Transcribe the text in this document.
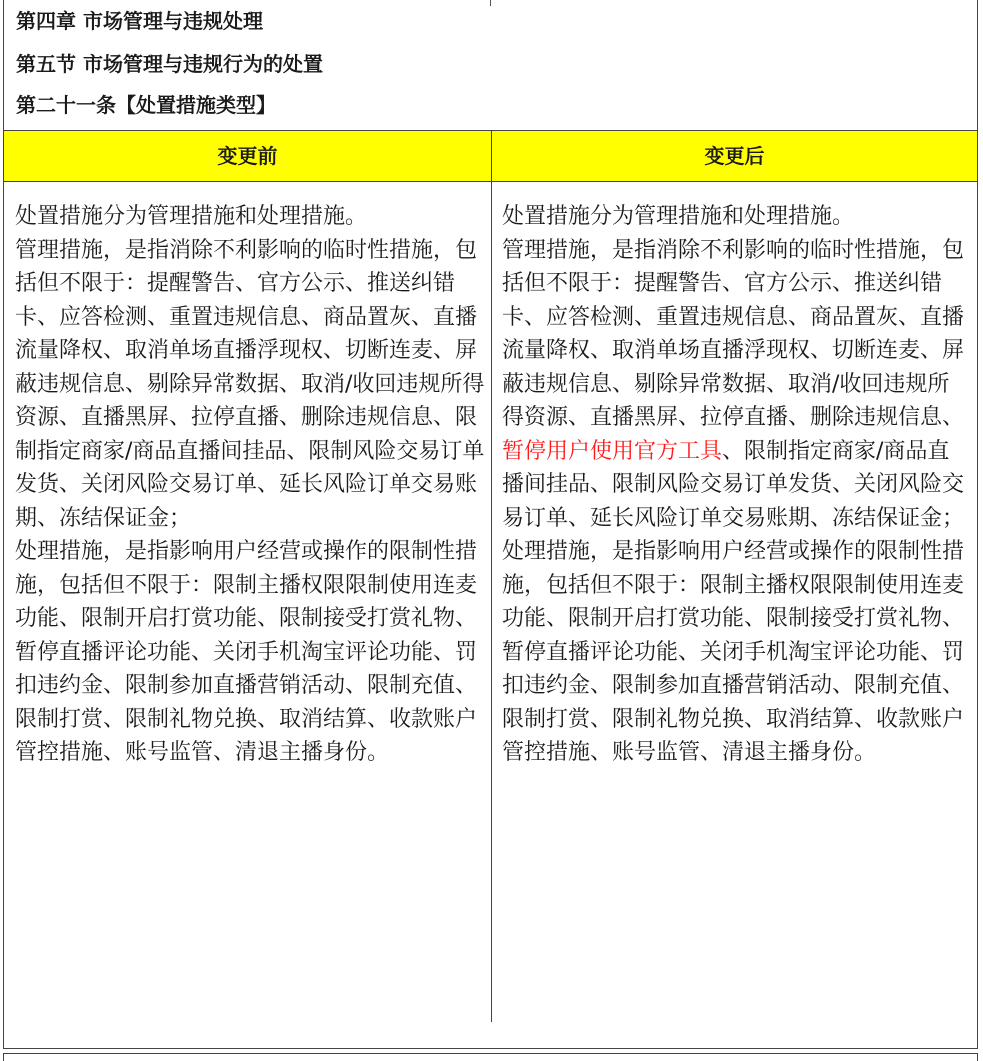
第四章 市场管理与违规处理
第五节 市场管理与违规行为的处置
第二十一条【处置措施类型】
变更前	变更后
处置措施分为管理措施和处理措施。
管理措施，是指消除不利影响的临时性措施，包括但不限于：提醒警告、官方公示、推送纠错卡、应答检测、重置违规信息、商品置灰、直播流量降权、取消单场直播浮现权、切断连麦、屏蔽违规信息、剔除异常数据、取消/收回违规所得资源、直播黑屏、拉停直播、删除违规信息、限制指定商家/商品直播间挂品、限制风险交易订单发货、关闭风险交易订单、延长风险订单交易账期、冻结保证金；
处理措施，是指影响用户经营或操作的限制性措施，包括但不限于：限制主播权限限制使用连麦功能、限制开启打赏功能、限制接受打赏礼物、暂停直播评论功能、关闭手机淘宝评论功能、罚扣违约金、限制参加直播营销活动、限制充值、限制打赏、限制礼物兑换、取消结算、收款账户管控措施、账号监管、清退主播身份。
处置措施分为管理措施和处理措施。
管理措施，是指消除不利影响的临时性措施，包括但不限于：提醒警告、官方公示、推送纠错卡、应答检测、重置违规信息、商品置灰、直播流量降权、取消单场直播浮现权、切断连麦、屏蔽违规信息、剔除异常数据、取消/收回违规所得资源、直播黑屏、拉停直播、删除违规信息、暂停用户使用官方工具、限制指定商家/商品直播间挂品、限制风险交易订单发货、关闭风险交易订单、延长风险订单交易账期、冻结保证金；
处理措施，是指影响用户经营或操作的限制性措施，包括但不限于：限制主播权限限制使用连麦功能、限制开启打赏功能、限制接受打赏礼物、暂停直播评论功能、关闭手机淘宝评论功能、罚扣违约金、限制参加直播营销活动、限制充值、限制打赏、限制礼物兑换、取消结算、收款账户管控措施、账号监管、清退主播身份。
